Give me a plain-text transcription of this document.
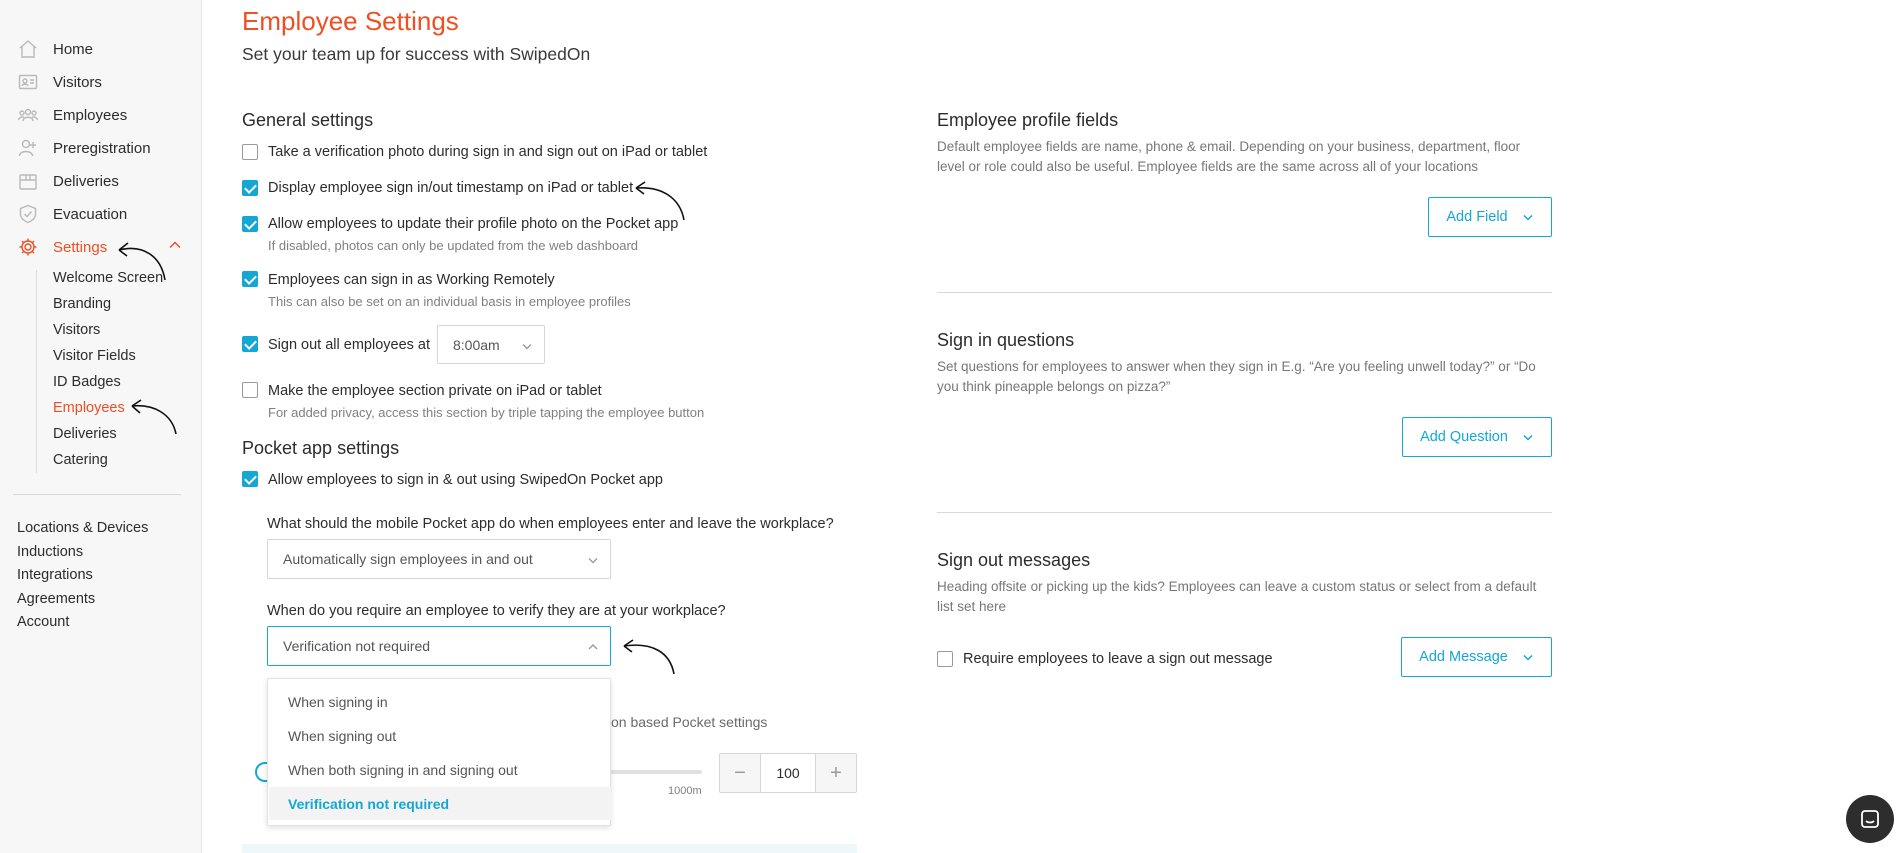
Home
Visitors
Employees
Preregistration
Deliveries
Evacuation
Settings
Welcome Screen
Branding
Visitors
Visitor Fields
ID Badges
Employees
Deliveries
Catering
Locations & Devices
Inductions
Integrations
Agreements
Account
Employee Settings
Set your team up for success with SwipedOn
General settings
Take a verification photo during sign in and sign out on iPad or tablet
Display employee sign in/out timestamp on iPad or tablet
Allow employees to update their profile photo on the Pocket app
If disabled, photos can only be updated from the web dashboard
Employees can sign in as Working Remotely
This can also be set on an individual basis in employee profiles
Sign out all employees at 8:00am
Make the employee section private on iPad or tablet
For added privacy, access this section by triple tapping the employee button
Pocket app settings
Allow employees to sign in & out using SwipedOn Pocket app
What should the mobile Pocket app do when employees enter and leave the workplace?
Automatically sign employees in and out
When do you require an employee to verify they are at your workplace?
Verification not required
on based Pocket settings
1000m
−	100	+
When signing in
When signing out
When both signing in and signing out
Verification not required
Employee profile fields
Default employee fields are name, phone & email. Depending on your business, department, floor level or role could also be useful. Employee fields are the same across all of your locations
Add Field
Sign in questions
Set questions for employees to answer when they sign in E.g. “Are you feeling unwell today?” or “Do you think pineapple belongs on pizza?”
Add Question
Sign out messages
Heading offsite or picking up the kids? Employees can leave a custom status or select from a default list set here
Require employees to leave a sign out message	Add Message
